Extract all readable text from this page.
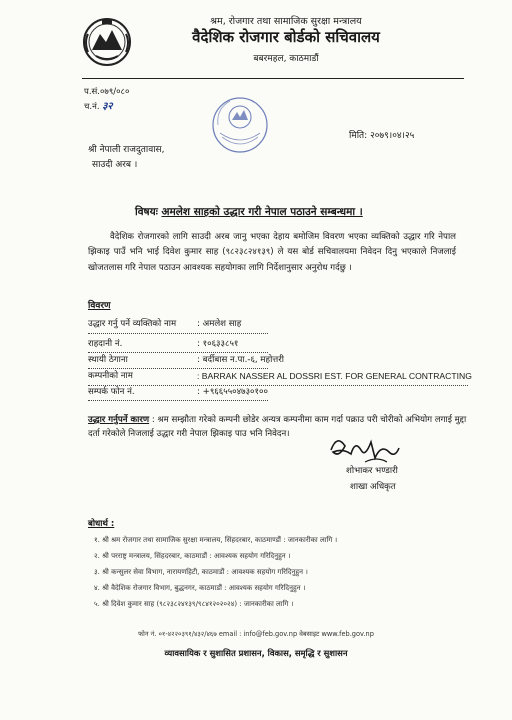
श्रम, रोजगार तथा सामाजिक सुरक्षा मन्त्रालय
वैदेशिक रोजगार बोर्डको सचिवालय
बबरमहल, काठमाडौं
प.सं.०७९/०८०
च.नं. ३२
मिति: २०७९।०४।२५
श्री नेपाली राजदुतावास,
साउदी अरब ।
विषयः अमलेश साहको उद्धार गरी नेपाल पठाउने सम्बन्धमा ।
वैदेशिक रोजगारको लागि साउदी अरब जानु भएका देहाय बमोजिम विवरण भएका व्यक्तिको उद्धार गरि नेपाल झिकाइ पाउँ भनि भाई दिवेश कुमार साह (९८२३८२४१३९) ले यस बोर्ड सचिवालयमा निवेदन दिनु भएकाले निजलाई खोजतलास गरि नेपाल पठाउन आवश्यक सहयोगका लागि निर्देशानुसार अनुरोध गर्दछु ।
विवरण
उद्धार गर्नु पर्ने व्यक्तिको नाम : अमलेश साह
राहदानी नं.	: १०६३३८५१
स्थायी ठेगाना	: बर्दीबास न.पा.-६, महोत्तरी
कम्पनीको नाम	: BARRAK NASSER AL DOSSRI EST. FOR GENERAL CONTRACTING
सम्पर्क फोन नं.	: +९६६५५०४७३०१००
उद्धार गर्नुपर्ने कारण : श्रम सम्झौता गरेको कम्पनी छोडेर अन्यत्र कम्पनीमा काम गर्दा पक्राउ परी चोरीको अभियोग लगाई मुद्दा दर्ता गरेकोले निजलाई उद्धार गरी नेपाल झिकाइ पाउ भनि निवेदन।
शोभाकर भण्डारी
शाखा अधिकृत
बोधार्थ :
१. श्री श्रम रोजगार तथा सामाजिक सुरक्षा मन्त्रालय, सिंहदरबार, काठमाण्डौं : जानकारीका लागि ।
२. श्री परराष्ट्र मन्त्रालय, सिंहदरबार, काठमाडौं : आवश्यक सहयोग गरिदिनुहुन ।
३. श्री कन्सुलर सेवा विभाग, नारायणहिटी, काठमाडौं : आवश्यक सहयोग गरिदिनुहुन ।
४. श्री वैदेशिक रोजगार विभाग, बुद्धनगर, काठमाडौं : आवश्यक सहयोग गरिदिनुहुन ।
५. श्री दिवेश कुमार साह (९८२३८२४१३९/९८४१२०२०२४) : जानकारीका लागि ।
फोन नं. ०१-४२२०३९१/४३२/४६७ email : info@feb.gov.np वेबसाइट www.feb.gov.np
व्यावसायिक र सुशासित प्रशासन, विकास, समृद्धि र सुशासन
